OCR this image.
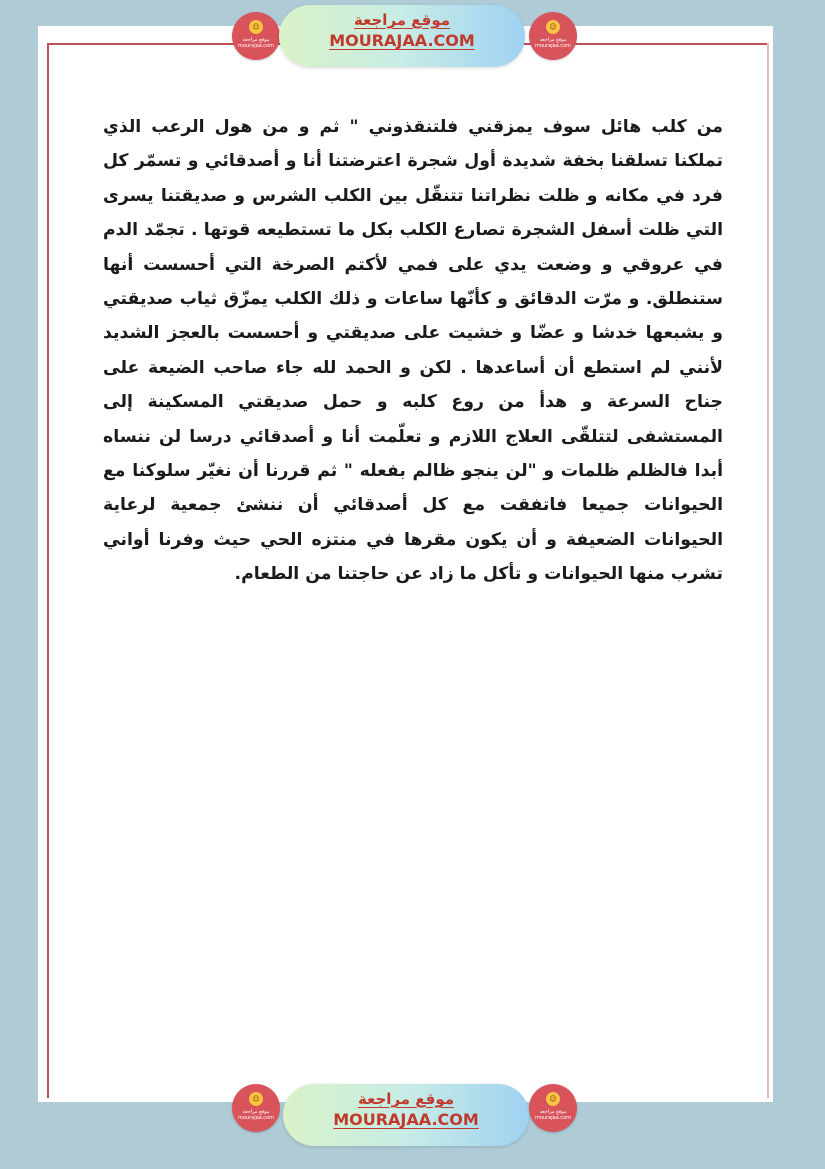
☺
موقع مراجعة
mourajaa.com
موقع مراجعة
MOURAJAA.COM
☺
موقع مراجعة
mourajaa.com

من كلب هائل سوف يمزقني فلتنقذوني " ثم و من هول الرعب الذي تملكنا تسلقنا بخفة شديدة أول شجرة اعترضتنا أنا و أصدقائي و تسمّر كل فرد في مكانه و ظلت نظراتنا تتنقّل بين الكلب الشرس و صديقتنا يسرى التي ظلت أسفل الشجرة تصارع الكلب بكل ما تستطيعه قوتها . تجمّد الدم في عروقي و وضعت يدي على فمي لأكتم الصرخة التي أحسست أنها ستنطلق. و مرّت الدقائق و كأنّها ساعات و ذلك الكلب يمزّق ثياب صديقتي و يشبعها خدشا و عضّا و خشيت على صديقتي و أحسست بالعجز الشديد لأنني لم استطع أن أساعدها . لكن و الحمد لله جاء صاحب الضيعة على جناح السرعة و هدأ من روع كلبه و حمل صديقتي المسكينة إلى المستشفى لتتلقّى العلاج اللازم و تعلّمت أنا و أصدقائي درسا لن ننساه أبدا فالظلم ظلمات و "لن ينجو ظالم بفعله " ثم قررنا أن نغيّر سلوكنا مع الحيوانات جميعا فاتفقت مع كل أصدقائي أن ننشئ جمعية لرعاية الحيوانات الضعيفة و أن يكون مقرها في منتزه الحي حيث وفرنا أواني تشرب منها الحيوانات و تأكل ما زاد عن حاجتنا من الطعام.

☺
موقع مراجعة
mourajaa.com
موقع مراجعة
MOURAJAA.COM
☺
موقع مراجعة
mourajaa.com
